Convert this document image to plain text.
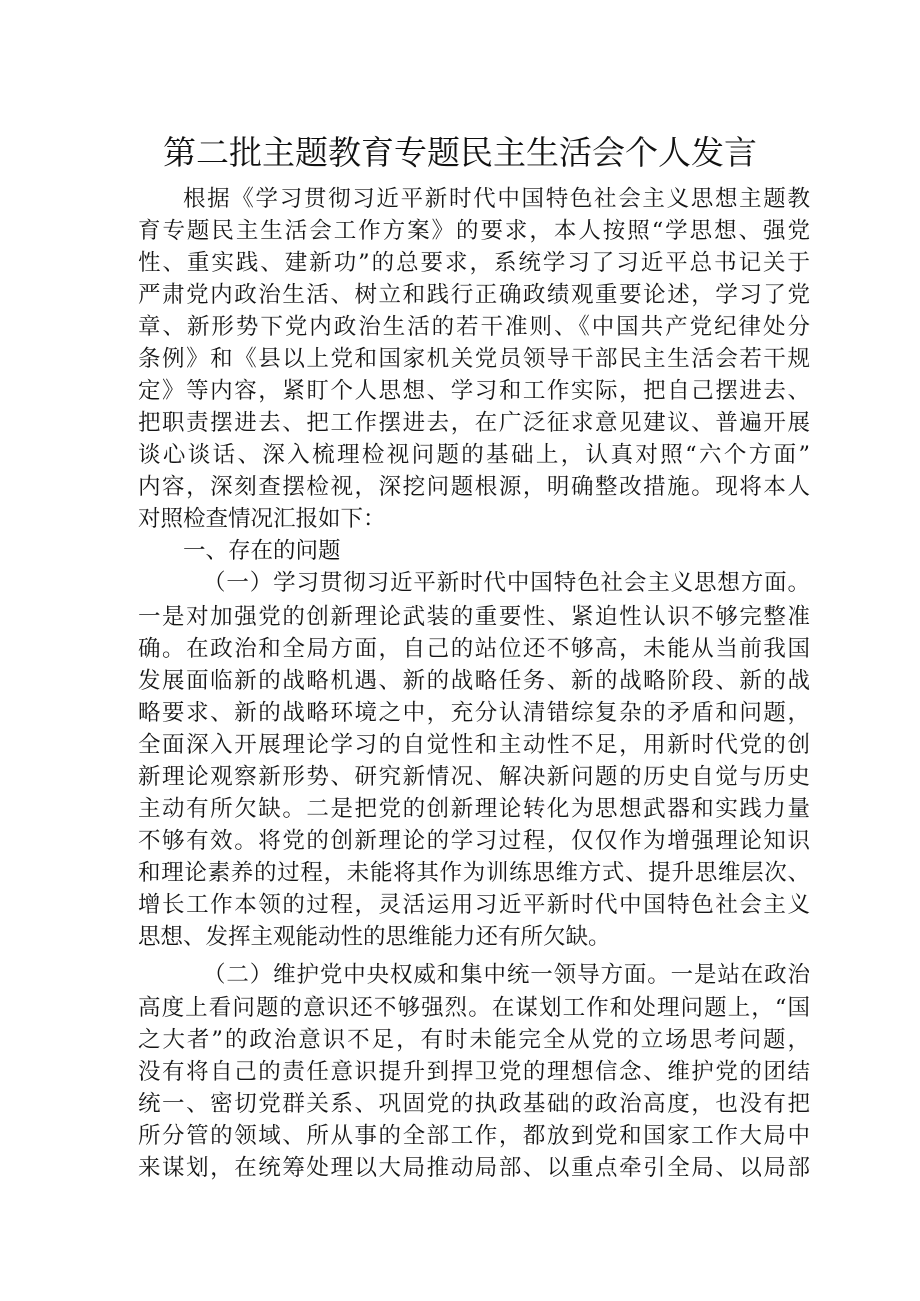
第二批主题教育专题民主生活会个人发言
根据《学习贯彻习近平新时代中国特色社会主义思想主题教
育专题民主生活会工作方案》的要求，本人按照“学思想、强党
性、重实践、建新功”的总要求，系统学习了习近平总书记关于
严肃党内政治生活、树立和践行正确政绩观重要论述，学习了党
章、新形势下党内政治生活的若干准则、《中国共产党纪律处分
条例》和《县以上党和国家机关党员领导干部民主生活会若干规
定》等内容，紧盯个人思想、学习和工作实际，把自己摆进去、
把职责摆进去、把工作摆进去，在广泛征求意见建议、普遍开展
谈心谈话、深入梳理检视问题的基础上，认真对照“六个方面”
内容，深刻查摆检视，深挖问题根源，明确整改措施。现将本人
对照检查情况汇报如下：
一、存在的问题
（一）学习贯彻习近平新时代中国特色社会主义思想方面。
一是对加强党的创新理论武装的重要性、紧迫性认识不够完整准
确。在政治和全局方面，自己的站位还不够高，未能从当前我国
发展面临新的战略机遇、新的战略任务、新的战略阶段、新的战
略要求、新的战略环境之中，充分认清错综复杂的矛盾和问题，
全面深入开展理论学习的自觉性和主动性不足，用新时代党的创
新理论观察新形势、研究新情况、解决新问题的历史自觉与历史
主动有所欠缺。二是把党的创新理论转化为思想武器和实践力量
不够有效。将党的创新理论的学习过程，仅仅作为增强理论知识
和理论素养的过程，未能将其作为训练思维方式、提升思维层次、
增长工作本领的过程，灵活运用习近平新时代中国特色社会主义
思想、发挥主观能动性的思维能力还有所欠缺。
（二）维护党中央权威和集中统一领导方面。一是站在政治
高度上看问题的意识还不够强烈。在谋划工作和处理问题上，“国
之大者”的政治意识不足，有时未能完全从党的立场思考问题，
没有将自己的责任意识提升到捍卫党的理想信念、维护党的团结
统一、密切党群关系、巩固党的执政基础的政治高度，也没有把
所分管的领域、所从事的全部工作，都放到党和国家工作大局中
来谋划，在统筹处理以大局推动局部、以重点牵引全局、以局部
